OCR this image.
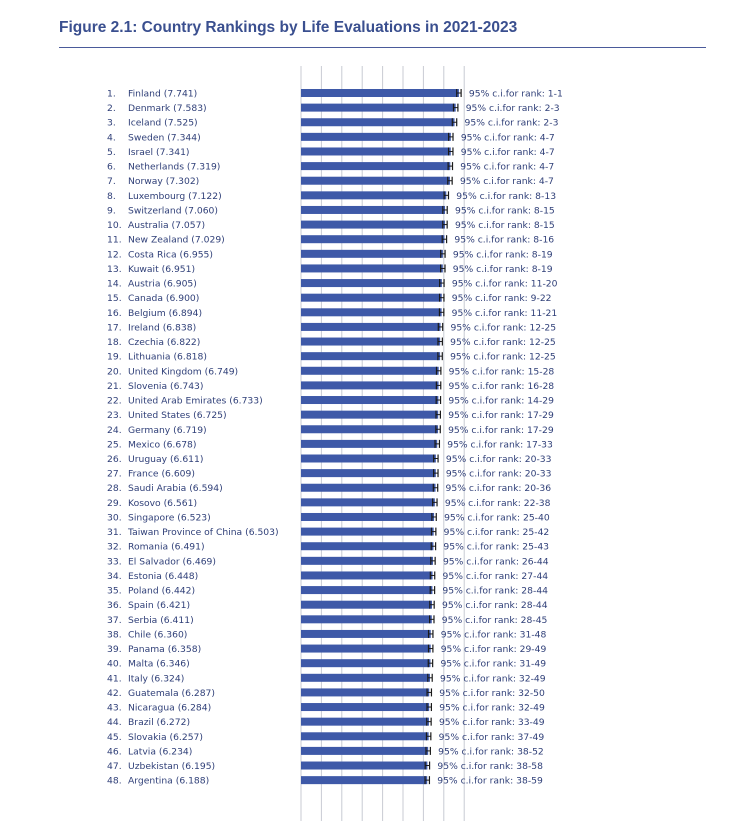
Figure 2.1: Country Rankings by Life Evaluations in 2021-2023
1. Finland (7.741)	95% c.i.for rank: 1-1
2. Denmark (7.583)	95% c.i.for rank: 2-3
3. Iceland (7.525)	95% c.i.for rank: 2-3
4. Sweden (7.344)	95% c.i.for rank: 4-7
5. Israel (7.341)	95% c.i.for rank: 4-7
6. Netherlands (7.319)	95% c.i.for rank: 4-7
7. Norway (7.302)	95% c.i.for rank: 4-7
8. Luxembourg (7.122)	95% c.i.for rank: 8-13
9. Switzerland (7.060)	95% c.i.for rank: 8-15
10. Australia (7.057)	95% c.i.for rank: 8-15
11. New Zealand (7.029)	95% c.i.for rank: 8-16
12. Costa Rica (6.955)	95% c.i.for rank: 8-19
13. Kuwait (6.951)	95% c.i.for rank: 8-19
14. Austria (6.905)	95% c.i.for rank: 11-20
15. Canada (6.900)	95% c.i.for rank: 9-22
16. Belgium (6.894)	95% c.i.for rank: 11-21
17. Ireland (6.838)	95% c.i.for rank: 12-25
18. Czechia (6.822)	95% c.i.for rank: 12-25
19. Lithuania (6.818)	95% c.i.for rank: 12-25
20. United Kingdom (6.749)	95% c.i.for rank: 15-28
21. Slovenia (6.743)	95% c.i.for rank: 16-28
22. United Arab Emirates (6.733)	95% c.i.for rank: 14-29
23. United States (6.725)	95% c.i.for rank: 17-29
24. Germany (6.719)	95% c.i.for rank: 17-29
25. Mexico (6.678)	95% c.i.for rank: 17-33
26. Uruguay (6.611)	95% c.i.for rank: 20-33
27. France (6.609)	95% c.i.for rank: 20-33
28. Saudi Arabia (6.594)	95% c.i.for rank: 20-36
29. Kosovo (6.561)	95% c.i.for rank: 22-38
30. Singapore (6.523)	95% c.i.for rank: 25-40
31. Taiwan Province of China (6.503)	95% c.i.for rank: 25-42
32. Romania (6.491)	95% c.i.for rank: 25-43
33. El Salvador (6.469)	95% c.i.for rank: 26-44
34. Estonia (6.448)	95% c.i.for rank: 27-44
35. Poland (6.442)	95% c.i.for rank: 28-44
36. Spain (6.421)	95% c.i.for rank: 28-44
37. Serbia (6.411)	95% c.i.for rank: 28-45
38. Chile (6.360)	95% c.i.for rank: 31-48
39. Panama (6.358)	95% c.i.for rank: 29-49
40. Malta (6.346)	95% c.i.for rank: 31-49
41. Italy (6.324)	95% c.i.for rank: 32-49
42. Guatemala (6.287)	95% c.i.for rank: 32-50
43. Nicaragua (6.284)	95% c.i.for rank: 32-49
44. Brazil (6.272)	95% c.i.for rank: 33-49
45. Slovakia (6.257)	95% c.i.for rank: 37-49
46. Latvia (6.234)	95% c.i.for rank: 38-52
47. Uzbekistan (6.195)	95% c.i.for rank: 38-58
48. Argentina (6.188)	95% c.i.for rank: 38-59
